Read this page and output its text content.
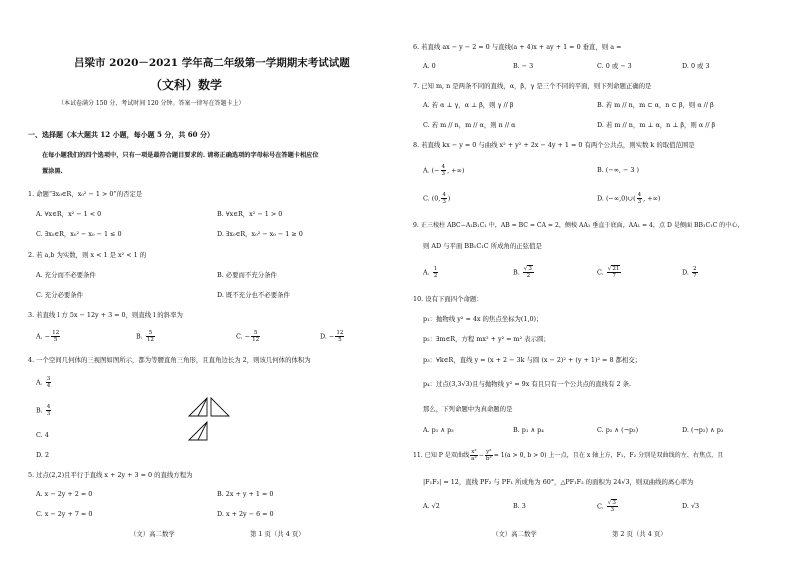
吕梁市 2020－2021 学年高二年级第一学期期末考试试题
（文科）数学
（本试卷满分 150 分，考试时间 120 分钟。答案一律写在答题卡上）
一、选择题（本大题共 12 小题，每小题 5 分，共 60 分）
在每小题我们的四个选项中，只有一项是最符合题目要求的. 请将正确选项的字母标号在答题卡相应位
置涂黑.
1. 命题“∃x₀∈R，x₀² − 1 > 0”的否定是
A. ∀x∈R，x² − 1 < 0	B. ∀x∈R，x² − 1 > 0
C. ∃x₀∈R，x₀² − x₀ − 1 ≤ 0	D. ∃x₀∈R，x₀² − x₀ − 1 ≥ 0
2. 若 a,b 为实数，则 x < 1 是 x² < 1 的
A. 充分而不必要条件	B. 必要而不充分条件
C. 充分必要条件	D. 既不充分也不必要条件
3. 若直线 l 方 5x − 12y + 3 = 0，则直线 l 的斜率为
A. − $\frac{12}{5}$	B. $\frac{5}{12}$	C. − $\frac{5}{12}$	D. − $\frac{12}{5}$
4. 一个空间几何体的三视图如图所示，都为等腰直角三角形，且直角边长为 2，则该几何体的体积为
A. $\frac{3}{4}$
B. $\frac{4}{3}$
C. 4
D. 2
5. 过点(2,2)且平行于直线 x + 2y + 3 = 0 的直线方程为
A. x − 2y + 2 = 0	B. 2x + y + 1 = 0
C. x − 2y + 7 = 0	D. x + 2y − 6 = 0
（文）高二数学	第 1 页（共 4 页）
6. 若直线 ax − y − 2 = 0 与直线(a + 4)x + ay + 1 = 0 垂直，则 a =
A. 0	B. − 3	C. 0 或 − 3	D. 0 或 3
7. 已知 m, n 是两条不同的直线，α，β，γ 是三个不同的平面，则下列命题正确的是
A. 若 α ⊥ γ，α ⊥ β，则 γ // β	B. 若 m // n，m ⊂ α，n ⊂ β，则 α // β
C. 若 m // n，m // α，则 n // α	D. 若 m // n，m ⊥ α，n ⊥ β，则 α // β
8. 若直线 kx − y = 0 与曲线 x² + y² + 2x − 4y + 1 = 0 有两个公共点，则实数 k 的取值范围是
A. (− $\frac{4}{3}$ , +∞)	B. (−∞, − 3 )
C. (0, $\frac{4}{3}$ )	D. (−∞,0)∪( $\frac{4}{3}$ , +∞)
9. 正三棱柱 ABC−A₁B₁C₁ 中，AB = BC = CA = 2，侧棱 AA₁ 垂直于底面，AA₁ = 4，点 D 是侧面 BB₁C₁C 的中心，
则 AD 与平面 BB₁C₁C 所成角的正弦值是
A. $\frac{1}{2}$	B. $\frac{√3}{2}$	C. $\frac{√21}{7}$	D. $\frac{2}{7}$
10. 设有下面四个命题：
p₁：抛物线 y² = 4x 的焦点坐标为(1,0)；
p₂：∃m∈R，方程 mx² + y² = m² 表示圆；
p₃：∀k∈R，直线 y = (x + 2 − 3k 与圆 (x − 2)² + (y + 1)² = 8 都相交；
p₄：过点(3,3√3)且与抛物线 y² = 9x 有且只有一个公共点的直线有 2 条.
那么，下列命题中为真命题的是
A. p₁ ∧ p₃	B. p₁ ∧ p₄	C. p₂ ∧ (¬p₃)	D. (¬p₂) ∧ p₃
11. 已知 P 是双曲线 $\frac{\text{x²}}{\text{a²}} - \frac{\text{y²}}{\text{b²}} = 1(a > 0$, b > 0) 上一点，且在 x 轴上方，F₁，F₂ 分别是双曲线的左、右焦点，且
|F₁F₂| = 12，直线 PF₂ 与 PF₁ 所成角为 60°，△PF₁F₂ 的面积为 24√3，则双曲线的离心率为
A. √2	B. 3	C. $\frac{√3}{3}$	D. √3
（文）高二数学	第 2 页（共 4 页）
